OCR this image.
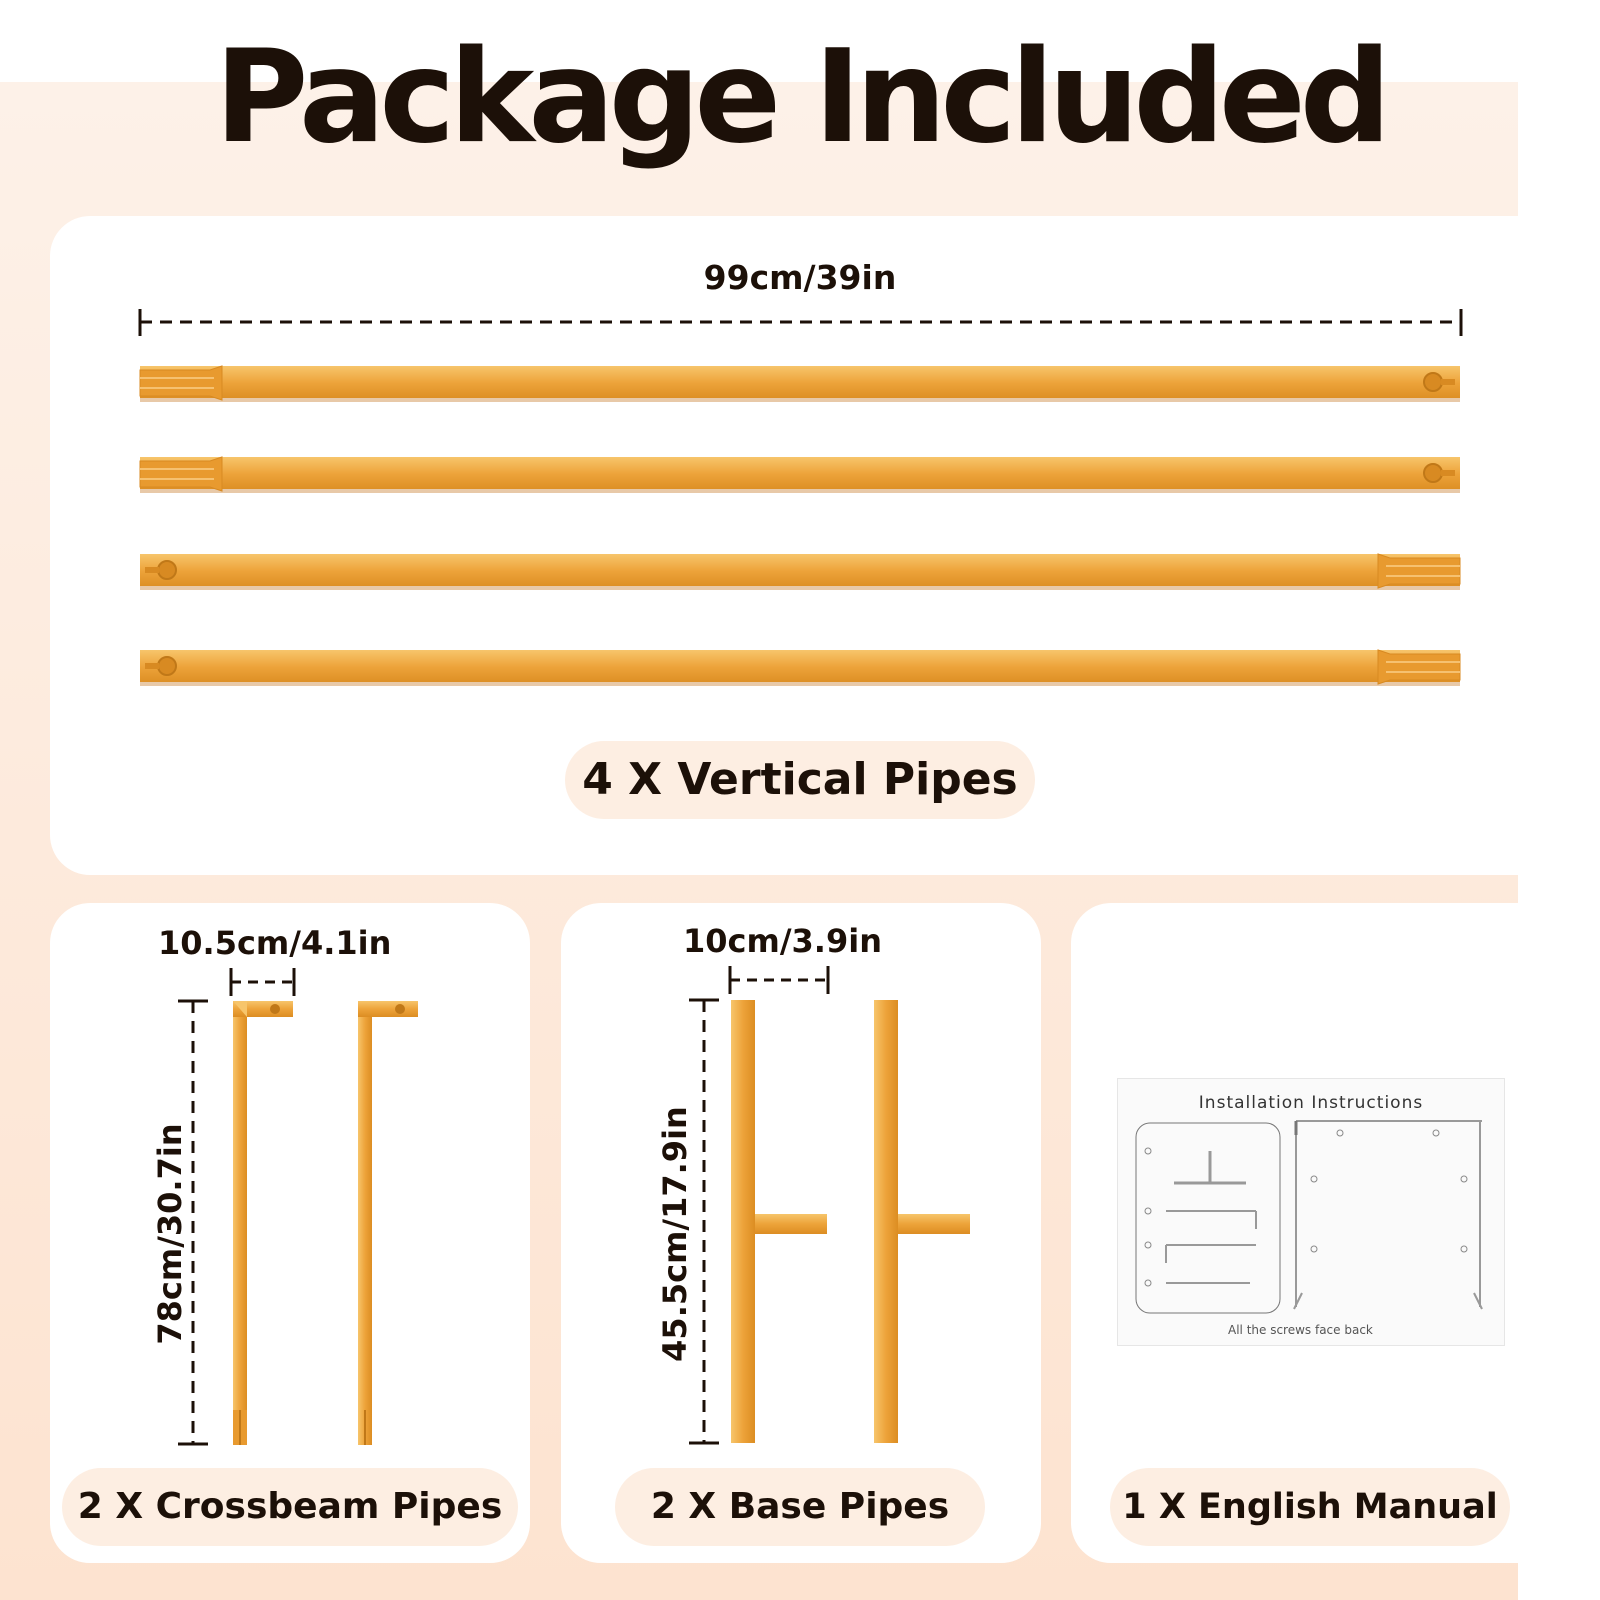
Package Included
99cm/39in
4 X Vertical Pipes
10.5cm/4.1in
78cm/30.7in
2 X Crossbeam Pipes
10cm/3.9in
45.5cm/17.9in
2 X Base Pipes
Installation Instructions
All the screws face back
1 X English Manual
